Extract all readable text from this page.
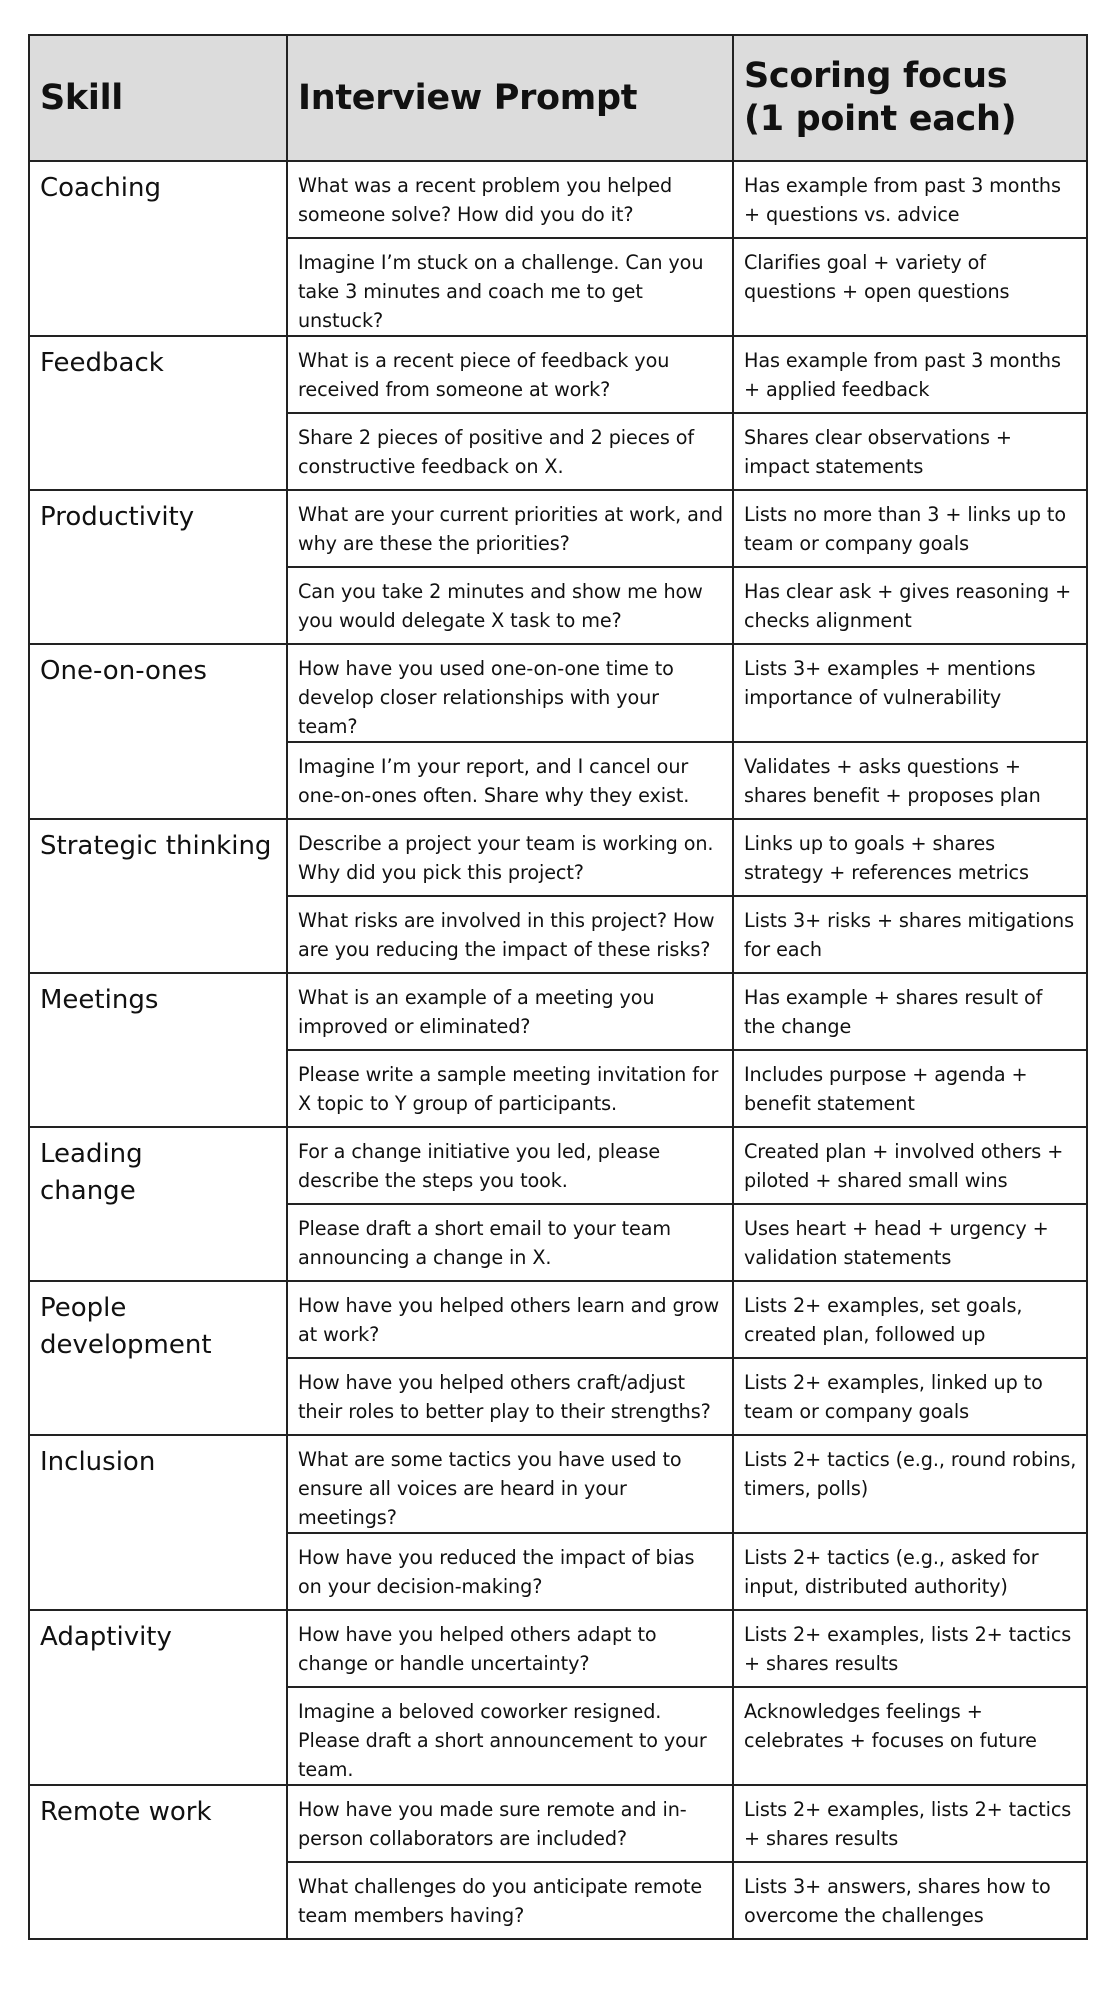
Skill	Interview Prompt	Scoring focus
(1 point each)
Coaching	What was a recent problem you helped someone solve? How did you do it?	Has example from past 3 months + questions vs. advice
	Imagine I’m stuck on a challenge. Can you take 3 minutes and coach me to get unstuck?	Clarifies goal + variety of questions + open questions
Feedback	What is a recent piece of feedback you received from someone at work?	Has example from past 3 months + applied feedback
	Share 2 pieces of positive and 2 pieces of constructive feedback on X.	Shares clear observations + impact statements
Productivity	What are your current priorities at work, and why are these the priorities?	Lists no more than 3 + links up to team or company goals
	Can you take 2 minutes and show me how you would delegate X task to me?	Has clear ask + gives reasoning + checks alignment
One-on-ones	How have you used one-on-one time to develop closer relationships with your team?	Lists 3+ examples + mentions importance of vulnerability
	Imagine I’m your report, and I cancel our one-on-ones often. Share why they exist.	Validates + asks questions + shares benefit + proposes plan
Strategic thinking	Describe a project your team is working on. Why did you pick this project?	Links up to goals + shares strategy + references metrics
	What risks are involved in this project? How are you reducing the impact of these risks?	Lists 3+ risks + shares mitigations for each
Meetings	What is an example of a meeting you improved or eliminated?	Has example + shares result of the change
	Please write a sample meeting invitation for X topic to Y group of participants.	Includes purpose + agenda + benefit statement
Leading
change	For a change initiative you led, please describe the steps you took.	Created plan + involved others + piloted + shared small wins
	Please draft a short email to your team announcing a change in X.	Uses heart + head + urgency + validation statements
People
development	How have you helped others learn and grow at work?	Lists 2+ examples, set goals, created plan, followed up
	How have you helped others craft/adjust their roles to better play to their strengths?	Lists 2+ examples, linked up to team or company goals
Inclusion	What are some tactics you have used to ensure all voices are heard in your meetings?	Lists 2+ tactics (e.g., round robins, timers, polls)
	How have you reduced the impact of bias on your decision-making?	Lists 2+ tactics (e.g., asked for input, distributed authority)
Adaptivity	How have you helped others adapt to change or handle uncertainty?	Lists 2+ examples, lists 2+ tactics + shares results
	Imagine a beloved coworker resigned. Please draft a short announcement to your team.	Acknowledges feelings + celebrates + focuses on future
Remote work	How have you made sure remote and in-person collaborators are included?	Lists 2+ examples, lists 2+ tactics + shares results
	What challenges do you anticipate remote team members having?	Lists 3+ answers, shares how to overcome the challenges
